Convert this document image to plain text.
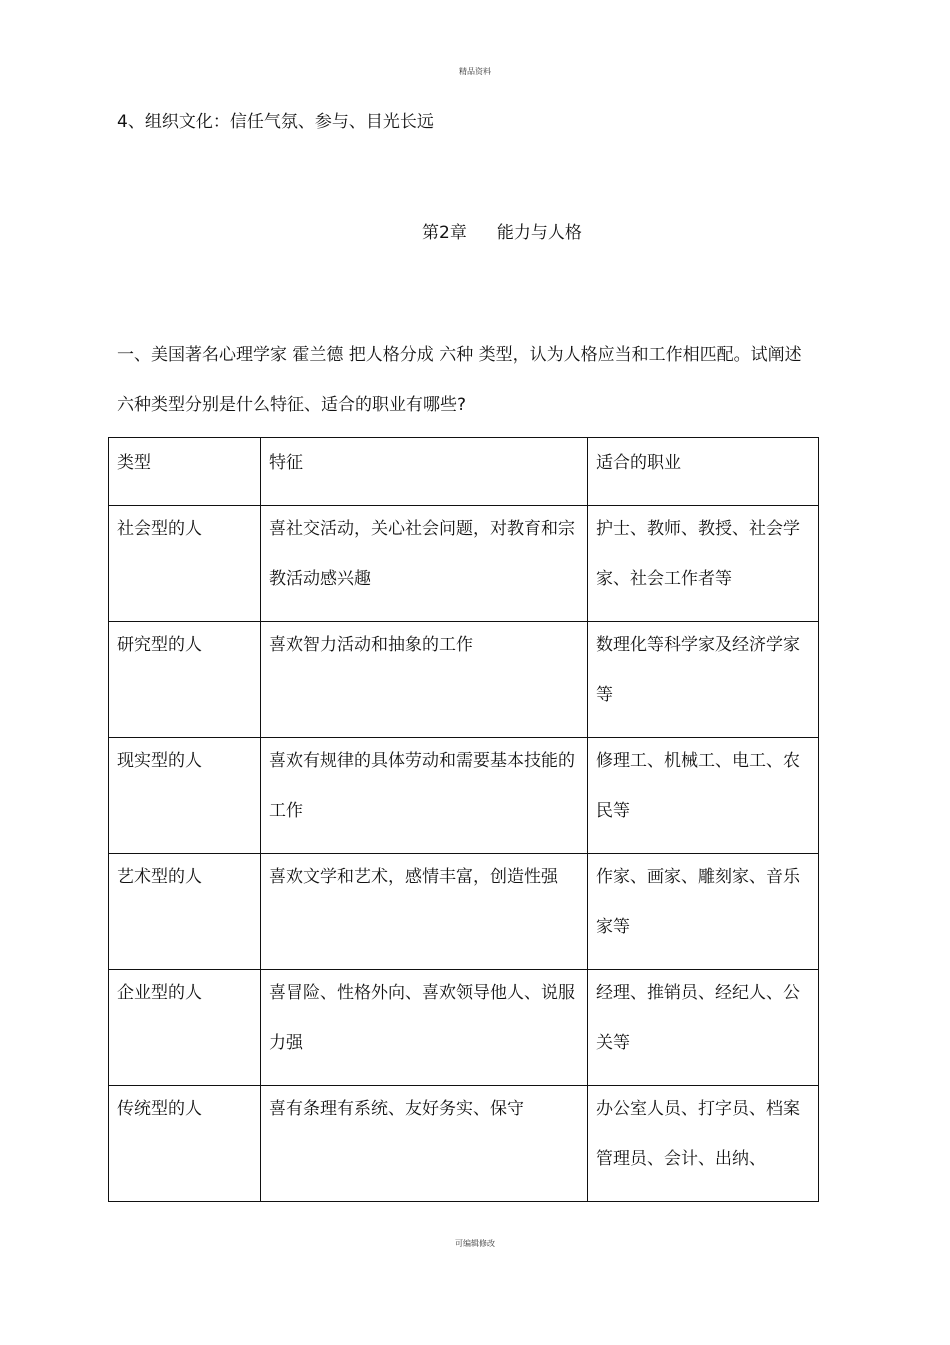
精品资料
4、组织文化：信任气氛、参与、目光长远
第2章 能力与人格
一、美国著名心理学家 霍兰德 把人格分成 六种 类型，认为人格应当和工作相匹配。试阐述
六种类型分别是什么特征、适合的职业有哪些?
类型	特征	适合的职业

社会型的人	喜社交活动，关心社会问题，对教育和宗教活动感兴趣	护士、教师、教授、社会学家、社会工作者等

研究型的人	喜欢智力活动和抽象的工作	数理化等科学家及经济学家等

现实型的人	喜欢有规律的具体劳动和需要基本技能的工作	修理工、机械工、电工、农民等

艺术型的人	喜欢文学和艺术，感情丰富，创造性强	作家、画家、雕刻家、音乐家等

企业型的人	喜冒险、性格外向、喜欢领导他人、说服力强	经理、推销员、经纪人、公关等

传统型的人	喜有条理有系统、友好务实、保守	办公室人员、打字员、档案管理员、会计、出纳、
可编辑修改
